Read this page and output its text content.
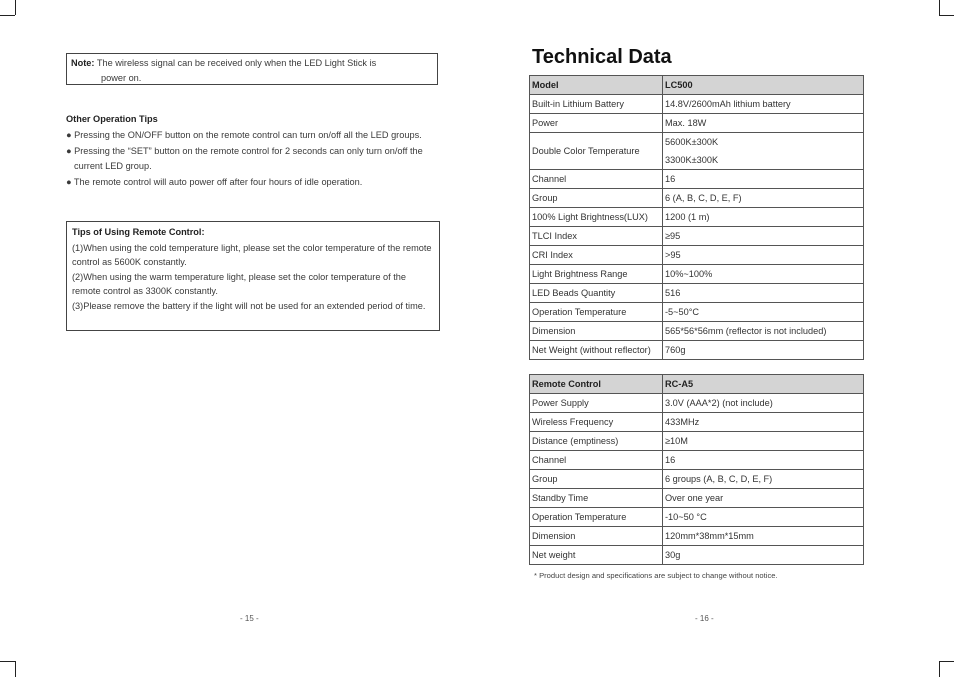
Note: The wireless signal can be received only when the LED Light Stick is
power on.
Other Operation Tips

● Pressing the ON/OFF button on the remote control can turn on/off all the LED groups.

● Pressing the “SET” button on the remote control for 2 seconds can only turn on/off the current LED group.

● The remote control will auto power off after four hours of idle operation.

Tips of Using Remote Control:
(1)When using the cold temperature light, please set the color temperature of the remote control as 5600K constantly.
(2)When using the warm temperature light, please set the color temperature of the remote control as 3300K constantly.
(3)Please remove the battery if the light will not be used for an extended period of time.
- 15 -
Technical Data
Model	LC500
Built-in Lithium Battery	14.8V/2600mAh lithium battery
Power	Max. 18W
Double Color Temperature	5600K±300K
3300K±300K

Channel	16
Group	6 (A, B, C, D, E, F)
100% Light Brightness(LUX)	1200 (1 m)
TLCI Index	≥95
CRI Index	>95
Light Brightness Range	10%~100%
LED Beads Quantity	516
Operation Temperature	-5~50°C
Dimension	565*56*56mm (reflector is not included)
Net Weight (without reflector)	760g
Remote Control	RC-A5
Power Supply	3.0V (AAA*2) (not include)
Wireless Frequency	433MHz
Distance (emptiness)	≥10M
Channel	16
Group	6 groups (A, B, C, D, E, F)
Standby Time	Over one year
Operation Temperature	-10~50 °C
Dimension	120mm*38mm*15mm
Net weight	30g
* Product design and specifications are subject to change without notice.
- 16 -
